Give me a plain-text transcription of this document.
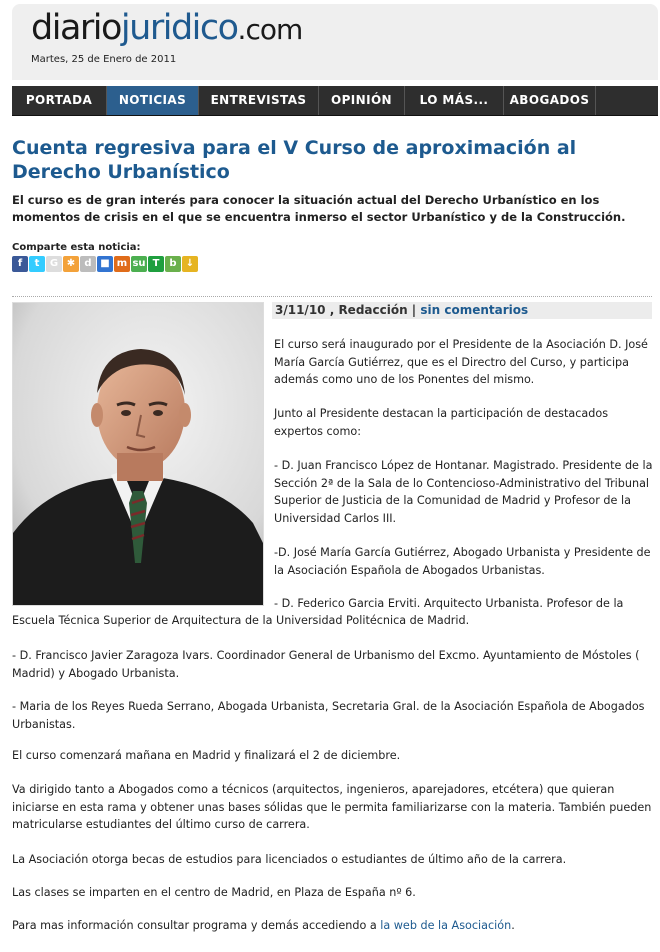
diariojuridico.com
Martes, 25 de Enero de 2011
PORTADA	NOTICIAS	ENTREVISTAS	OPINIÓN	LO MÁS...	ABOGADOS
Cuenta regresiva para el V Curso de aproximación al Derecho Urbanístico

El curso es de gran interés para conocer la situación actual del Derecho Urbanístico en los momentos de crisis en el que se encuentra inmerso el sector Urbanístico y de la Construcción.

Comparte esta noticia:
f	t	G ✱ d ■ m su T	b ↓
3/11/10 , Redacción | sin comentarios

El curso será inaugurado por el Presidente de la Asociación D. José María García Gutiérrez, que es el Directro del Curso, y participa además como uno de los Ponentes del mismo.

Junto al Presidente destacan la participación de destacados expertos como:

- D. Juan Francisco López de Hontanar. Magistrado. Presidente de la Sección 2ª de la Sala de lo Contencioso-Administrativo del Tribunal Superior de Justicia de la Comunidad de Madrid y Profesor de la Universidad Carlos III.

-D. José María García Gutiérrez, Abogado Urbanista y Presidente de la Asociación Española de Abogados Urbanistas.

- D. Federico Garcia Erviti. Arquitecto Urbanista. Profesor de la

Escuela Técnica Superior de Arquitectura de la Universidad Politécnica de Madrid.

- D. Francisco Javier Zaragoza Ivars. Coordinador General de Urbanismo del Excmo. Ayuntamiento de Móstoles ( Madrid) y Abogado Urbanista.

- Maria de los Reyes Rueda Serrano, Abogada Urbanista, Secretaria Gral. de la Asociación Española de Abogados Urbanistas.

El curso comenzará mañana en Madrid y finalizará el 2 de diciembre.

Va dirigido tanto a Abogados como a técnicos (arquitectos, ingenieros, aparejadores, etcétera) que quieran iniciarse en esta rama y obtener unas bases sólidas que le permita familiarizarse con la materia. También pueden matricularse estudiantes del último curso de carrera.

La Asociación otorga becas de estudios para licenciados o estudiantes de último año de la carrera.

Las clases se imparten en el centro de Madrid, en Plaza de España nº 6.

Para mas información consultar programa y demás accediendo a la web de la Asociación.
